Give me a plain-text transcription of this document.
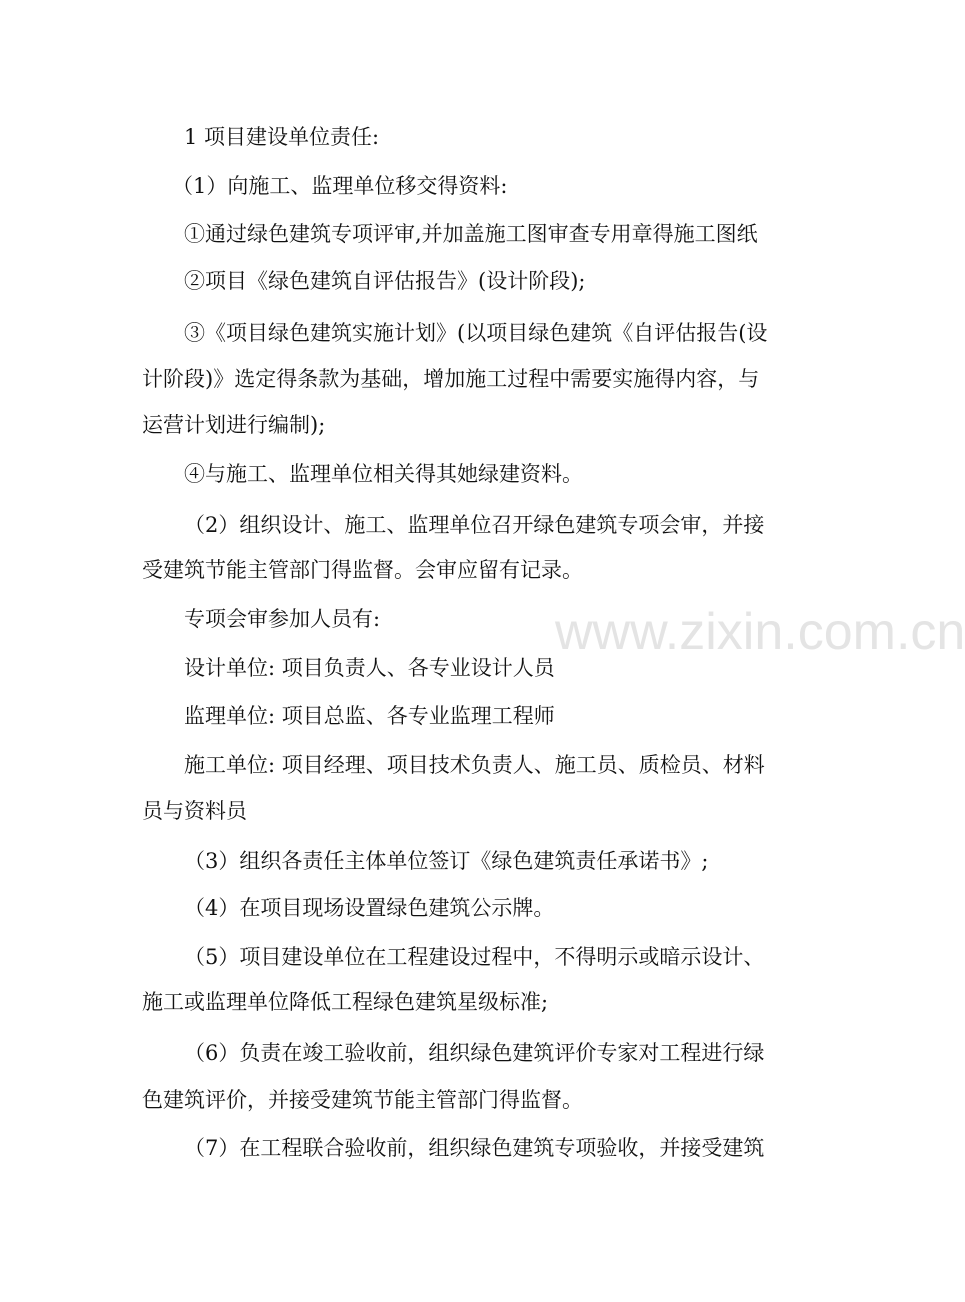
www.zixin.com.cn

1 项目建设单位责任:

（1）向施工、监理单位移交得资料:

①通过绿色建筑专项评审,并加盖施工图审查专用章得施工图纸

②项目《绿色建筑自评估报告》(设计阶段);

③《项目绿色建筑实施计划》(以项目绿色建筑《自评估报告(设

计阶段)》选定得条款为基础，增加施工过程中需要实施得内容，与

运营计划进行编制);

④与施工、监理单位相关得其她绿建资料。

（2）组织设计、施工、监理单位召开绿色建筑专项会审，并接

受建筑节能主管部门得监督。会审应留有记录。

专项会审参加人员有:

设计单位: 项目负责人、各专业设计人员

监理单位: 项目总监、各专业监理工程师

施工单位: 项目经理、项目技术负责人、施工员、质检员、材料

员与资料员

（3）组织各责任主体单位签订《绿色建筑责任承诺书》;

（4）在项目现场设置绿色建筑公示牌。

（5）项目建设单位在工程建设过程中，不得明示或暗示设计、

施工或监理单位降低工程绿色建筑星级标准;

（6）负责在竣工验收前，组织绿色建筑评价专家对工程进行绿

色建筑评价，并接受建筑节能主管部门得监督。

（7）在工程联合验收前，组织绿色建筑专项验收，并接受建筑
